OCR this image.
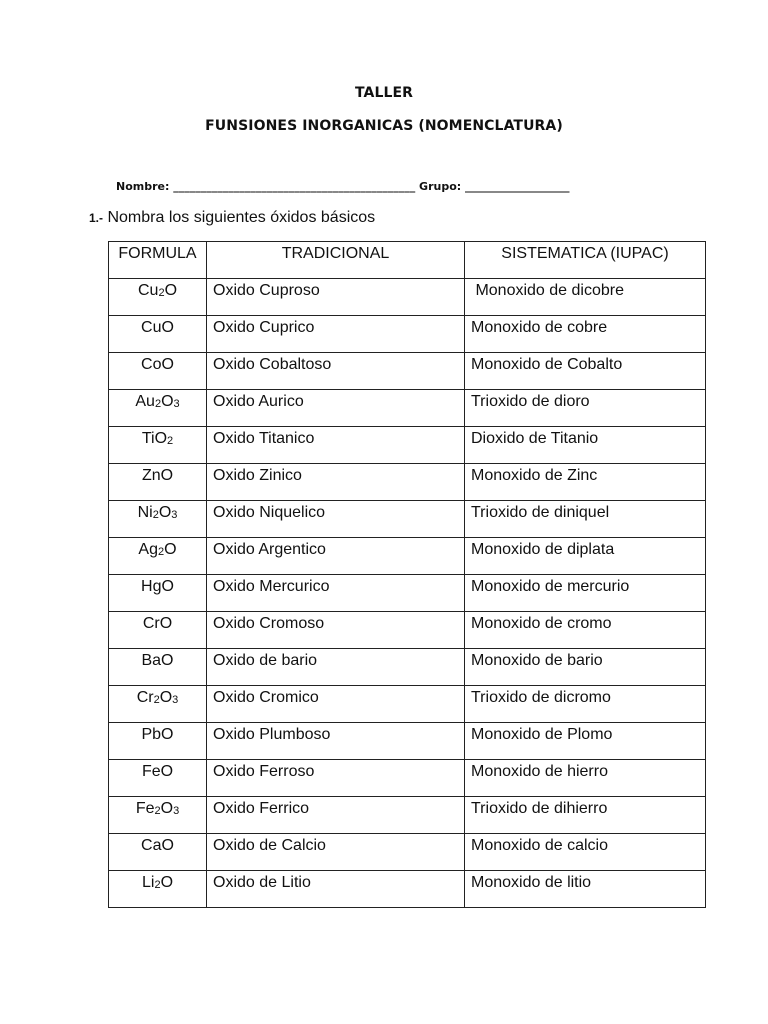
TALLER
FUNSIONES INORGANICAS (NOMENCLATURA)
Nombre: ____________________________________________ Grupo: ___________________
1.- Nombra los siguientes óxidos básicos
FORMULA	TRADICIONAL	SISTEMATICA (IUPAC)
$Cu_2O$	Oxido Cuproso	Monoxido de dicobre
CuO	Oxido Cuprico	Monoxido de cobre
CoO	Oxido Cobaltoso	Monoxido de Cobalto
$Au_2O_3$	Oxido Aurico	Trioxido de dioro
TiO$_2$	Oxido Titanico	Dioxido de Titanio
ZnO	Oxido Zinico	Monoxido de Zinc
$Ni_2O_3$	Oxido Niquelico	Trioxido de diniquel
$Ag_2O$	Oxido Argentico	Monoxido de diplata
HgO	Oxido Mercurico	Monoxido de mercurio
CrO	Oxido Cromoso	Monoxido de cromo
BaO	Oxido de bario	Monoxido de bario
$Cr_2O_3$	Oxido Cromico	Trioxido de dicromo
PbO	Oxido Plumboso	Monoxido de Plomo
FeO	Oxido Ferroso	Monoxido de hierro
$Fe_2O_3$	Oxido Ferrico	Trioxido de dihierro
CaO	Oxido de Calcio	Monoxido de calcio
$Li_2O$	Oxido de Litio	Monoxido de litio
